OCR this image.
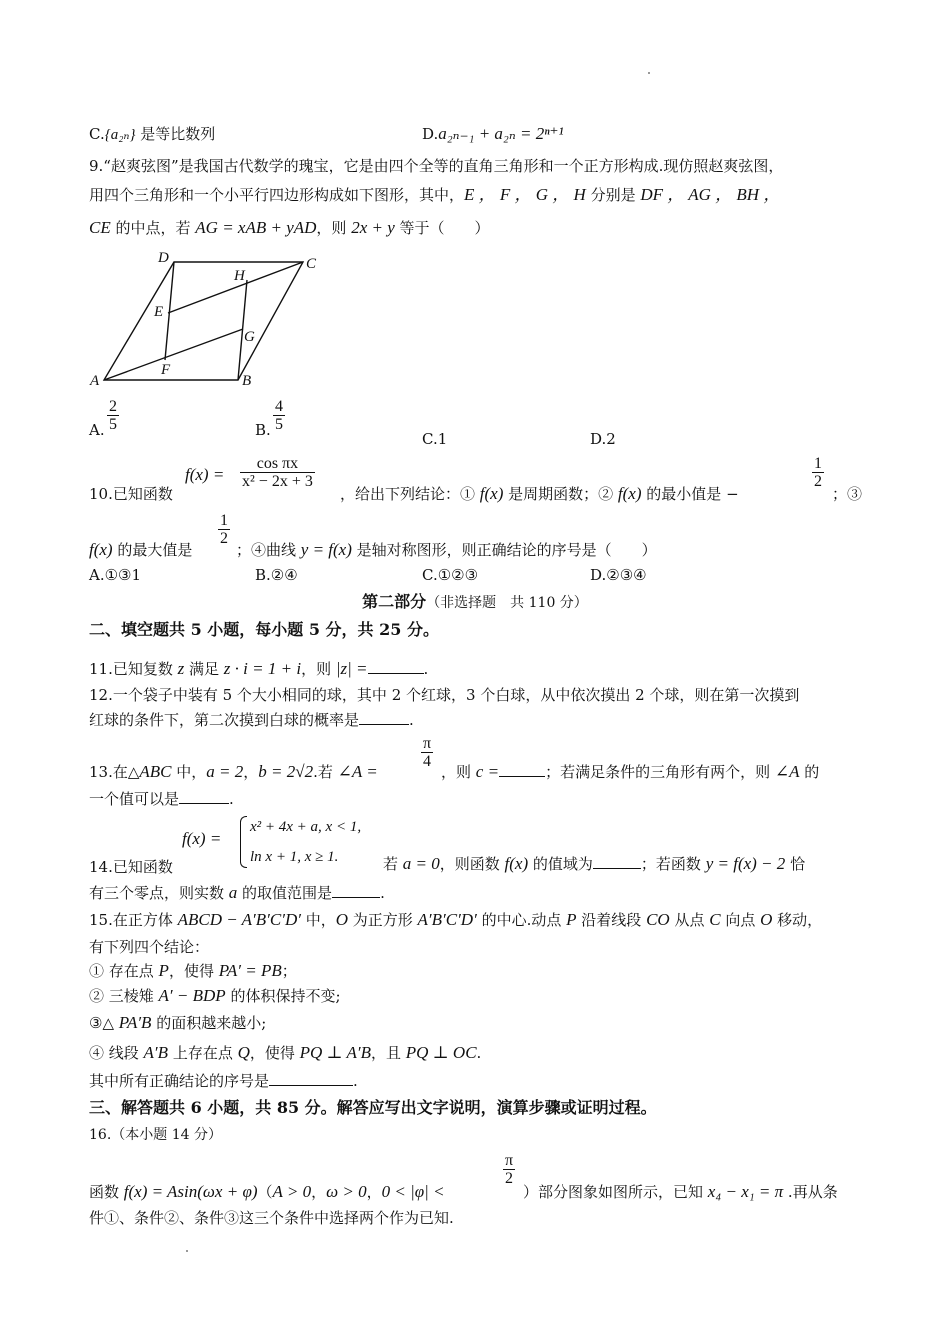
C.{a₂ₙ} 是等比数列	D.a₂ₙ₋₁ + a₂ₙ = 2ⁿ⁺¹
9.“赵爽弦图”是我国古代数学的瑰宝，它是由四个全等的直角三角形和一个正方形构成.现仿照赵爽弦图，
用四个三角形和一个小平行四边形构成如下图形，其中，E ， F ， G ， H 分别是 DF ， AG ， BH ，
CE 的中点，若 AG = xAB + yAD，则 2x + y 等于（　　）
A	B
C
D
E
F
G
H
A. $\frac{2}{5}$	B. $\frac{4}{5}$
C.1	D.2
10.已知函数
$f(x) = \frac{\text{cos πx}}{\text{x² − 2x + 3}}$
，给出下列结论：① f(x) 是周期函数；② f(x) 的最小值是 −
$\frac{1}{2}$
；③
f(x) 的最大值是
$\frac{1}{2}$
；④曲线 y = f(x) 是轴对称图形，则正确结论的序号是（　　）
A.①③1	B.②④	C.①②③	D.②③④
第二部分（非选择题　共 110 分）
二、填空题共 5 小题，每小题 5 分，共 25 分。
11.已知复数 z 满足 z · i = 1 + i，则 |z| =	.
12.一个袋子中装有 5 个大小相同的球，其中 2 个红球，3 个白球，从中依次摸出 2 个球，则在第一次摸到
红球的条件下，第二次摸到白球的概率是	.
13.在△ABC 中，a = 2，b = 2√2.若 ∠A =
$\frac{\pi}{4}$
，则 c =	；若满足条件的三角形有两个，则 ∠A 的
一个值可以是	.
f(x) =
x² + 4x + a, x < 1,
ln x + 1, x ≥ 1.
14.已知函数	若 a = 0，则函数 f(x) 的值域为	；若函数 y = f(x) − 2 恰
有三个零点，则实数 a 的取值范围是	.
15.在正方体 ABCD − A′B′C′D′ 中，O 为正方形 A′B′C′D′ 的中心.动点 P 沿着线段 CO 从点 C 向点 O 移动，
有下列四个结论：
① 存在点 P，使得 PA′ = PB；
② 三棱雉 A′ − BDP 的体积保持不变;
③△ PA′B 的面积越来越小;
④ 线段 A′B 上存在点 Q，使得 PQ ⊥ A′B，且 PQ ⊥ OC.
其中所有正确结论的序号是	.
三、解答题共 6 小题，共 85 分。解答应写出文字说明，演算步骤或证明过程。
16.（本小题 14 分）
函数 f(x) = Asin(ωx + φ)（A > 0，ω > 0，0 < |φ| <
$\frac{\pi}{2}$
）部分图象如图所示，已知 x₄ − x₁ = π .再从条
件①、条件②、条件③这三个条件中选择两个作为已知.
